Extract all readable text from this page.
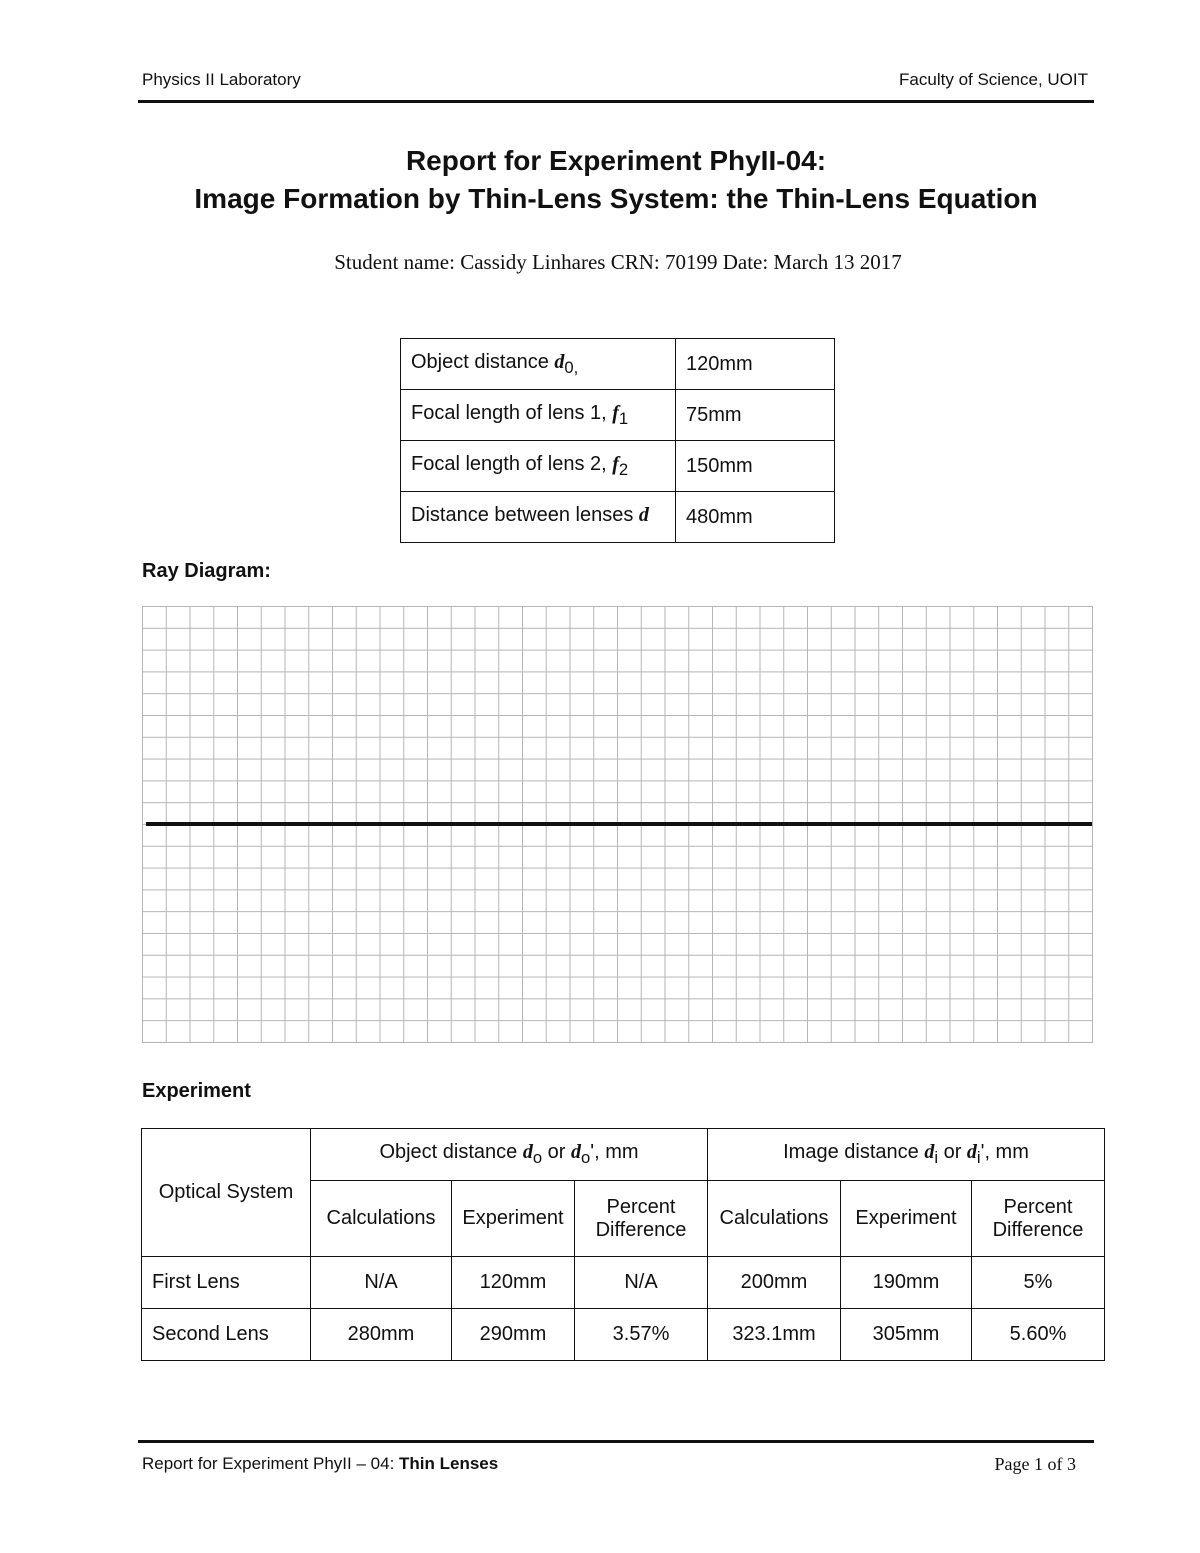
Physics II Laboratory	Faculty of Science, UOIT
Report for Experiment PhyII-04:
Image Formation by Thin-Lens System: the Thin-Lens Equation
Student name: Cassidy Linhares CRN: 70199 Date: March 13 2017
Object distance $d_{0,}$	120mm
Focal length of lens 1, $f_1$	75mm
Focal length of lens 2, $f_2$	150mm
Distance between lenses d	480mm
Ray Diagram:
Experiment
Optical System	Object distance $d_o$ or $d_o'$, mm			Image distance $d_i$ or $d_i'$, mm		
	Calculations	Experiment	Percent Difference	Calculations	Experiment	Percent Difference
First Lens	N/A	120mm	N/A	200mm	190mm	5%
Second Lens	280mm	290mm	3.57%	323.1mm	305mm	5.60%
Report for Experiment PhyII – 04: Thin Lenses	Page 1 of 3
